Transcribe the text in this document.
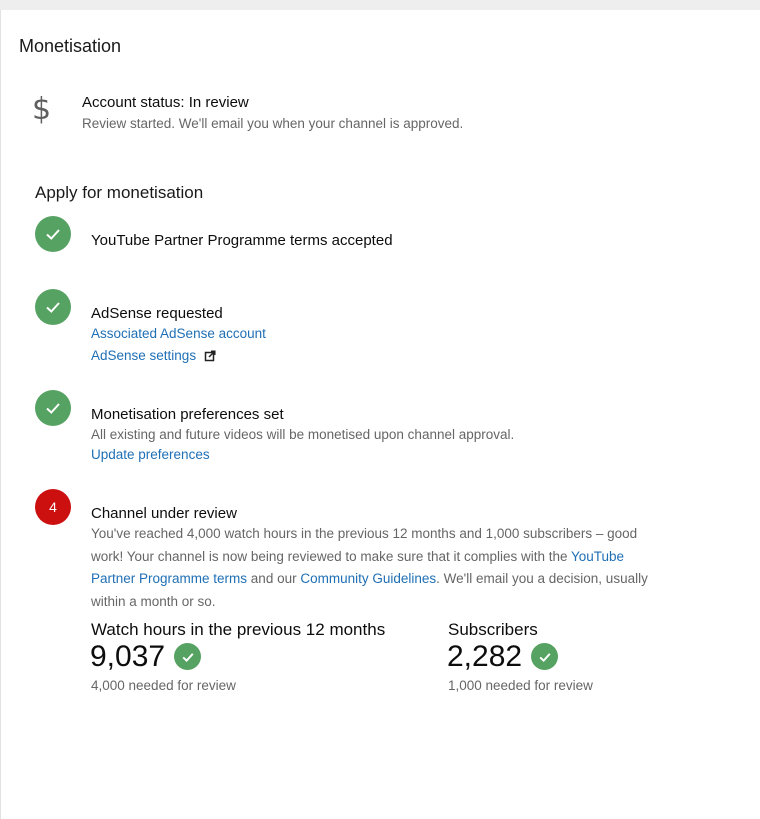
Monetisation
$ Account status: In review
Review started. We'll email you when your channel is approved.
Apply for monetisation
YouTube Partner Programme terms accepted
AdSense requested
Associated AdSense account
AdSense settings
Monetisation preferences set
All existing and future videos will be monetised upon channel approval.
Update preferences
4	Channel under review
You've reached 4,000 watch hours in the previous 12 months and 1,000 subscribers – good work! Your channel is now being reviewed to make sure that it complies with the YouTube Partner Programme terms and our Community Guidelines. We'll email you a decision, usually within a month or so.
Watch hours in the previous 12 months
9,037
4,000 needed for review
Subscribers
2,282
1,000 needed for review
